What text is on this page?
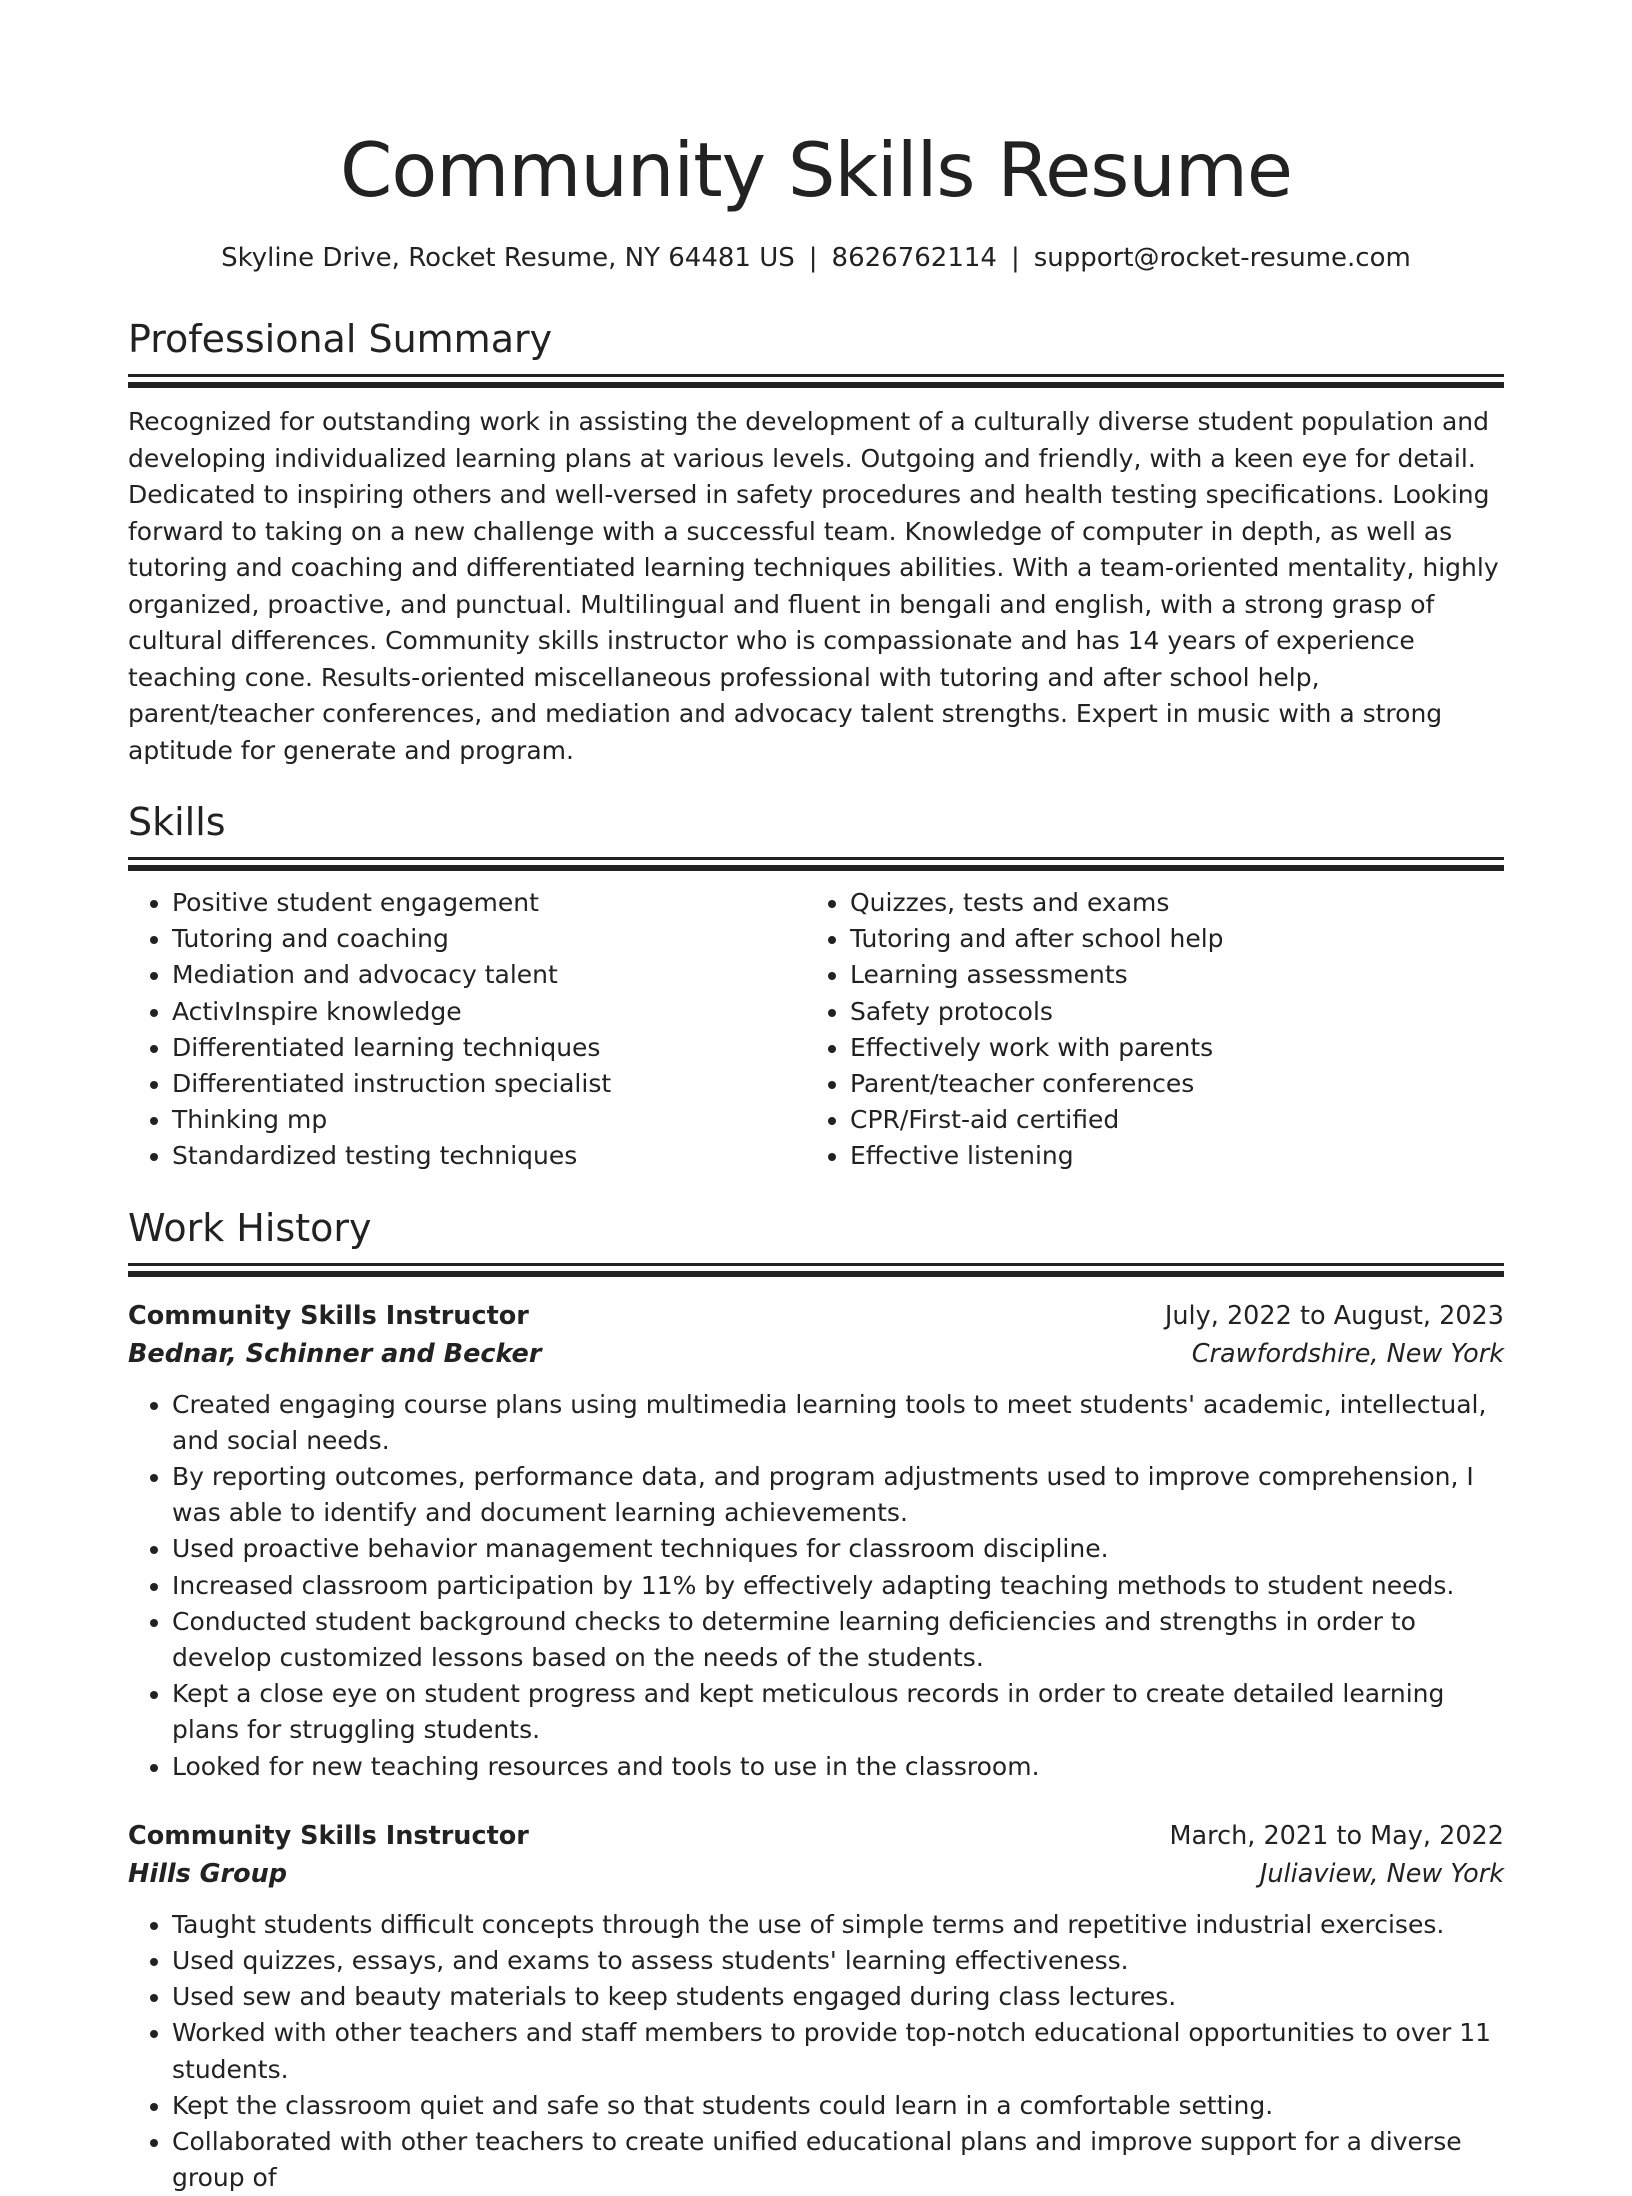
Community Skills Resume
Skyline Drive, Rocket Resume, NY 64481 US | 8626762114 | support@rocket-resume.com
Professional Summary

Recognized for outstanding work in assisting the development of a culturally diverse student population and developing individualized learning plans at various levels. Outgoing and friendly, with a keen eye for detail. Dedicated to inspiring others and well-versed in safety procedures and health testing specifications. Looking forward to taking on a new challenge with a successful team. Knowledge of computer in depth, as well as tutoring and coaching and differentiated learning techniques abilities. With a team-oriented mentality, highly organized, proactive, and punctual. Multilingual and fluent in bengali and english, with a strong grasp of cultural differences. Community skills instructor who is compassionate and has 14 years of experience teaching cone. Results-oriented miscellaneous professional with tutoring and after school help, parent/teacher conferences, and mediation and advocacy talent strengths. Expert in music with a strong aptitude for generate and program.

Skills
• Positive student engagement
• Tutoring and coaching
• Mediation and advocacy talent
• ActivInspire knowledge
• Differentiated learning techniques
• Differentiated instruction specialist
• Thinking mp
• Standardized testing techniques
• Quizzes, tests and exams
• Tutoring and after school help
• Learning assessments
• Safety protocols
• Effectively work with parents
• Parent/teacher conferences
• CPR/First-aid certified
• Effective listening
Work History
Community Skills Instructor	July, 2022 to August, 2023
Bednar, Schinner and Becker	Crawfordshire, New York
• Created engaging course plans using multimedia learning tools to meet students' academic, intellectual, and social needs.
• By reporting outcomes, performance data, and program adjustments used to improve comprehension, I was able to identify and document learning achievements.
• Used proactive behavior management techniques for classroom discipline.
• Increased classroom participation by 11% by effectively adapting teaching methods to student needs.
• Conducted student background checks to determine learning deficiencies and strengths in order to develop customized lessons based on the needs of the students.
• Kept a close eye on student progress and kept meticulous records in order to create detailed learning plans for struggling students.
• Looked for new teaching resources and tools to use in the classroom.
Community Skills Instructor	March, 2021 to May, 2022
Hills Group	Juliaview, New York
• Taught students difficult concepts through the use of simple terms and repetitive industrial exercises.
• Used quizzes, essays, and exams to assess students' learning effectiveness.
• Used sew and beauty materials to keep students engaged during class lectures.
• Worked with other teachers and staff members to provide top-notch educational opportunities to over 11 students.
• Kept the classroom quiet and safe so that students could learn in a comfortable setting.
• Collaborated with other teachers to create unified educational plans and improve support for a diverse group of
